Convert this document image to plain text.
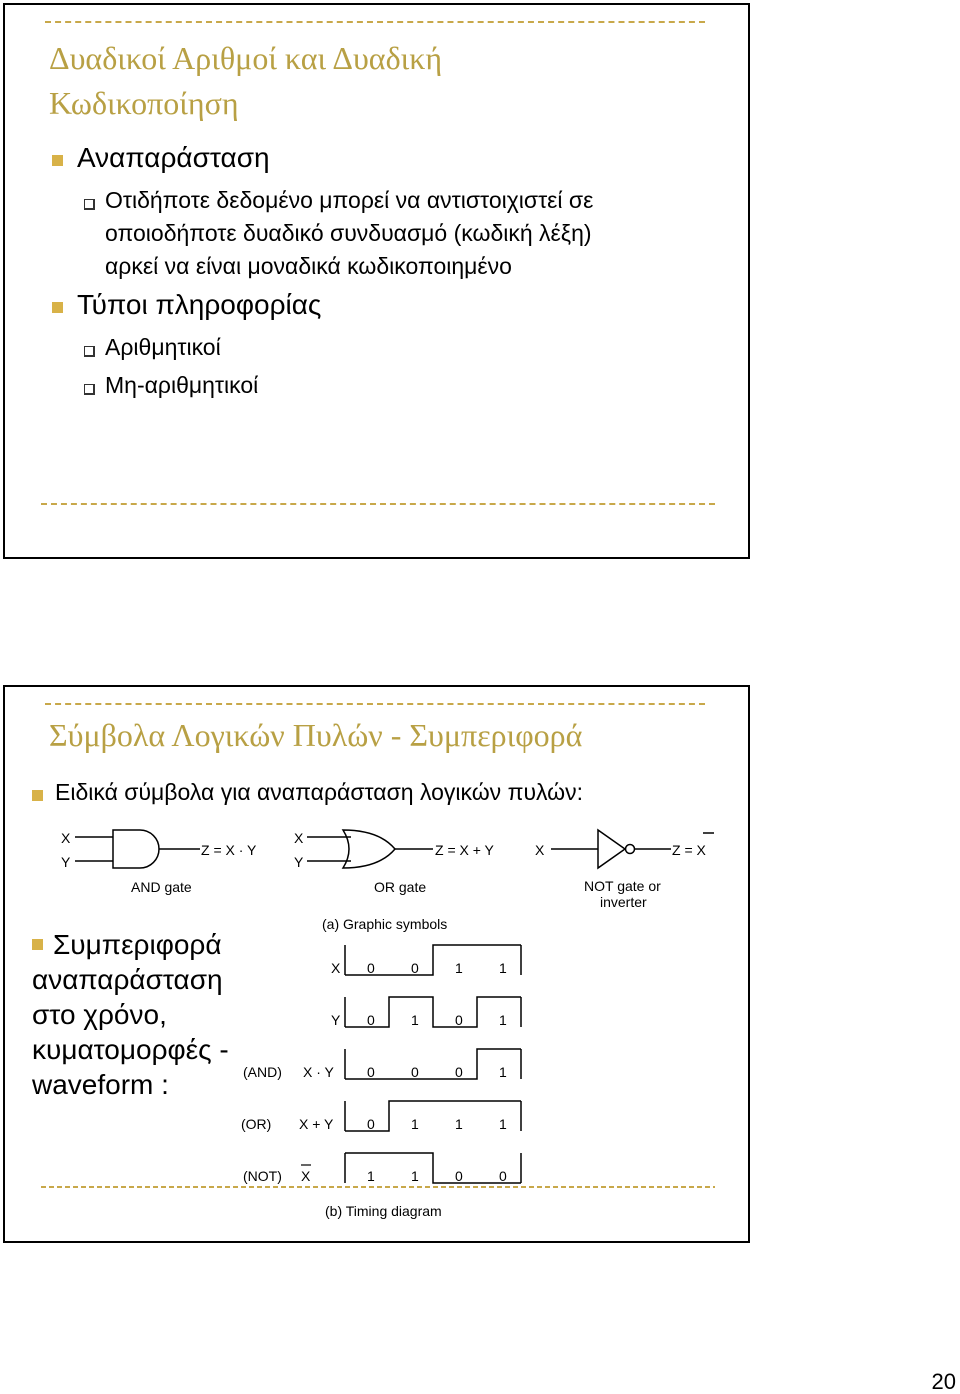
Δυαδικοί Αριθμοί και Δυαδική
Κωδικοποίηση
Αναπαράσταση
Οτιδήποτε δεδομένο μπορεί να αντιστοιχιστεί σε
οποιοδήποτε δυαδικό συνδυασμό (κωδική λέξη)
αρκεί να είναι μοναδικά κωδικοποιημένο
Τύποι πληροφορίας
Αριθμητικοί
Μη-αριθμητικοί
Σύμβολα Λογικών Πυλών - Συμπεριφορά
Ειδικά σύμβολα για αναπαράσταση λογικών πυλών:
Συμπεριφορά
αναπαράσταση
στο χρόνο,
κυματομορφές -
waveform :
X
Y
Z = X · Y
AND gate
X
Y
Z = X + Y
OR gate
X	Z = X
NOT gate or
inverter
(a) Graphic symbols
X 0	0	1	1
Y 0	1	0	1
(AND) X · Y 0	0	0	1
(OR) X + Y 0	1	1	1
(NOT) X	1	1	0	0
(b) Timing diagram
20
